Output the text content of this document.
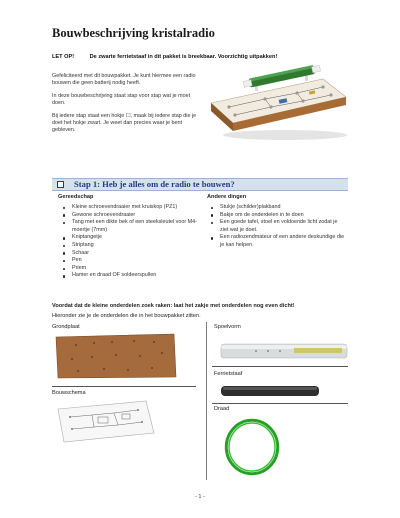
Bouwbeschrijving kristalradio
LET OP!	De zwarte ferrietstaaf in dit pakket is breekbaar. Voorzichtig uitpakken!

Gefeliciteerd met dit bouwpakket. Je kunt hiermee een radio bouwen die geen batterij nodig heeft.

In deze bouwbeschrijving staat stap voor stap wat je moet doen.

Bij iedere stap staat een hokje ☐, maak bij iedere stap die je doet het hokje zwart. Je weet dan precies waar je bent gebleven.

Stap 1: Heb je alles om de radio te bouwen?
Gereedschap
Kleine schroevendraaier met kruiskop (PZ1)
Gewone schroevendraaier
Tang met een dikte bek of een steeksleutel voor M4-moertje (7mm)
Kniptangetje
Striptang
Schaar
Pen
Priem
Hamer en draad OF soldeerspullen
Andere dingen
Stukje (schilder)plakband
Bakje om de onderdelen in te doen
Een goede tafel, stoel en voldoende licht zodat je ziet wat je doet.
Een radiozendmateur of een andere deskundige die je kan helpen.
Voordat dat de kleine onderdelen zoek raken: laat het zakje met onderdelen nog even dicht!
Hieronder zie je de onderdelen die in het bouwpakket zitten.
Grondplaat
Bouwschema
Spoelvorm
Ferrietstaaf
Draad
- 1 -
